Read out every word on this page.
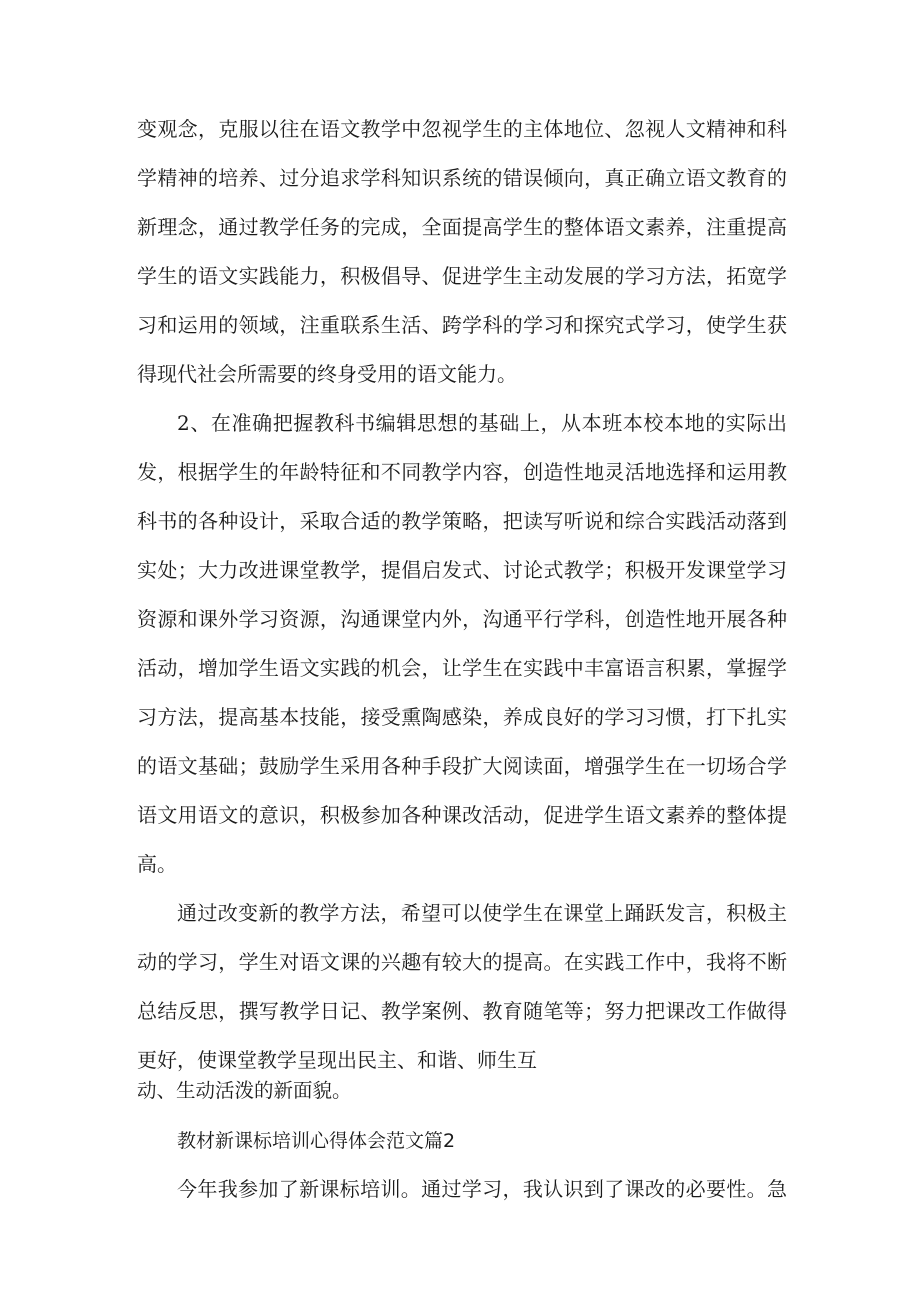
变观念，克服以往在语文教学中忽视学生的主体地位、忽视人文精神和科
学精神的培养、过分追求学科知识系统的错误倾向，真正确立语文教育的
新理念，通过教学任务的完成，全面提高学生的整体语文素养，注重提高
学生的语文实践能力，积极倡导、促进学生主动发展的学习方法，拓宽学
习和运用的领域，注重联系生活、跨学科的学习和探究式学习，使学生获
得现代社会所需要的终身受用的语文能力。
2、在准确把握教科书编辑思想的基础上，从本班本校本地的实际出
发，根据学生的年龄特征和不同教学内容，创造性地灵活地选择和运用教
科书的各种设计，采取合适的教学策略，把读写听说和综合实践活动落到
实处；大力改进课堂教学，提倡启发式、讨论式教学；积极开发课堂学习
资源和课外学习资源，沟通课堂内外，沟通平行学科，创造性地开展各种
活动，增加学生语文实践的机会，让学生在实践中丰富语言积累，掌握学
习方法，提高基本技能，接受熏陶感染，养成良好的学习习惯，打下扎实
的语文基础；鼓励学生采用各种手段扩大阅读面，增强学生在一切场合学
语文用语文的意识，积极参加各种课改活动，促进学生语文素养的整体提
高。
通过改变新的教学方法，希望可以使学生在课堂上踊跃发言，积极主
动的学习，学生对语文课的兴趣有较大的提高。在实践工作中，我将不断
总结反思，撰写教学日记、教学案例、教育随笔等；努力把课改工作做得
更好，使课堂教学呈现出民主、和谐、师生互
动、生动活泼的新面貌。
教材新课标培训心得体会范文篇2
今年我参加了新课标培训。通过学习，我认识到了课改的必要性。急
